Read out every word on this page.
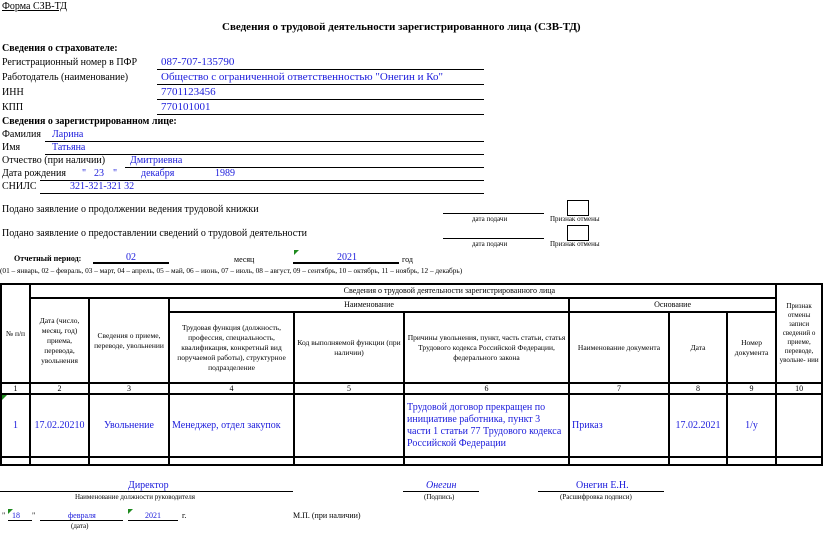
Форма СЗВ-ТД
Сведения о трудовой деятельности зарегистрированного лица (СЗВ-ТД)
Сведения о страхователе:
Регистрационный номер в ПФР 087-707-135790
Работодатель (наименование)	Общество с ограниченной ответственностью "Онегин и Ко"
ИНН	7701123456
КПП	770101001
Сведения о зарегистрированном лице:
Фамилия Ларина
Имя	Татьяна
Отчество (при наличии) Дмитриевна
Дата рождения " 23 " декабря	1989
СНИЛС	321-321-321 32
Подано заявление о продолжении ведения трудовой книжки
дата подачи	Признак отмены
Подано заявление о предоставлении сведений о трудовой деятельности
дата подачи	Признак отмены
Отчетный период:	02	месяц	2021	год
(01 – январь, 02 – февраль, 03 – март, 04 – апрель, 05 – май, 06 – июнь, 07 – июль, 08 – август, 09 – сентябрь, 10 – октябрь, 11 – ноябрь, 12 – декабрь)
№ п/п	Сведения о трудовой деятельности зарегистрированного лица								Признак отмены записи сведений о приеме, переводе, увольне- нии
	Дата (число, месяц, год) приема, перевода, увольнения	Сведения о приеме, переводе, увольнении	Наименование			Основание			
			Трудовая функция (должность, профессия, специальность, квалификация, конкретный вид поручаемой работы), структурное подразделение	Код выполняемой функции (при наличии)	Причины увольнения, пункт, часть статьи, статья Трудового кодекса Российской Федерации, федерального закона	Наименование документа	Дата	Номер документа	
1	2	3	4	5	6	7	8	9	10

1	17.02.20210	Увольнение	Менеджер, отдел закупок		Трудовой договор прекращен по инициативе работника, пункт 3 части 1 статьи 77 Трудового кодекса Российской Федерации	Приказ	17.02.2021	1/у	

Директор
Наименование должности руководителя
Онегин
(Подпись)
Онегин Е.Н.
(Расшифровка подписи)
" 18 "	февраля
(дата)
2021	г.	М.П. (при наличии)
